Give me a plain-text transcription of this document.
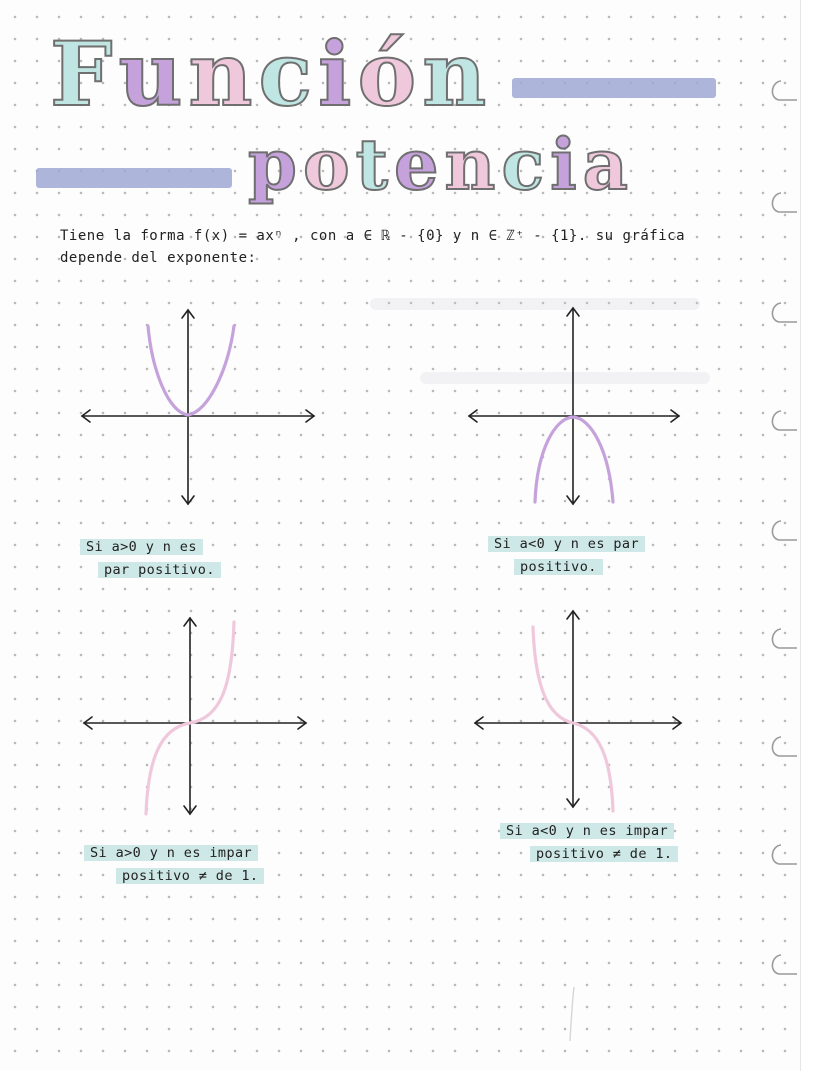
Función
potencia

Tiene la forma f(x) = axⁿ , con a ∈ ℝ - {0} y n ∈ ℤ⁺ - {1}. su gráfica

depende del exponente:

Si a>0 y n es
par positivo.
Si a<0 y n es par
positivo.
Si a>0 y n es impar
positivo ≠ de 1.
Si a<0 y n es impar
positivo ≠ de 1.
